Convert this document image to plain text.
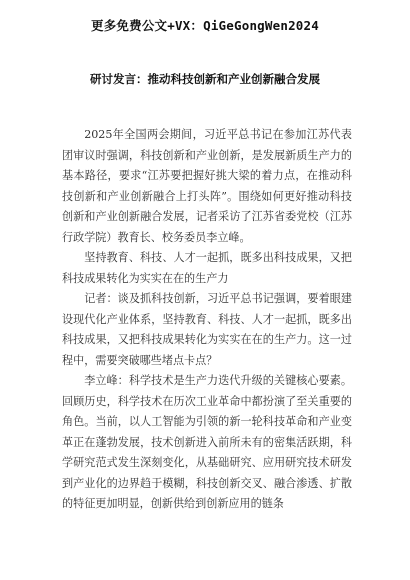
更多免费公文+VX：QiGeGongWen2024
研讨发言：推动科技创新和产业创新融合发展

2025年全国两会期间，习近平总书记在参加江苏代表团审议时强调，科技创新和产业创新，是发展新质生产力的基本路径，要求“江苏要把握好挑大梁的着力点，在推动科技创新和产业创新融合上打头阵”。围绕如何更好推动科技创新和产业创新融合发展，记者采访了江苏省委党校（江苏行政学院）教育长、校务委员李立峰。

坚持教育、科技、人才一起抓，既多出科技成果，又把科技成果转化为实实在在的生产力

记者：谈及抓科技创新，习近平总书记强调，要着眼建设现代化产业体系，坚持教育、科技、人才一起抓，既多出科技成果，又把科技成果转化为实实在在的生产力。这一过程中，需要突破哪些堵点卡点？

李立峰：科学技术是生产力迭代升级的关键核心要素。回顾历史，科学技术在历次工业革命中都扮演了至关重要的角色。当前，以人工智能为引领的新一轮科技革命和产业变革正在蓬勃发展，技术创新进入前所未有的密集活跃期，科学研究范式发生深刻变化，从基础研究、应用研究技术研发到产业化的边界趋于模糊，科技创新交叉、融合渗透、扩散的特征更加明显，创新供给到创新应用的链条
